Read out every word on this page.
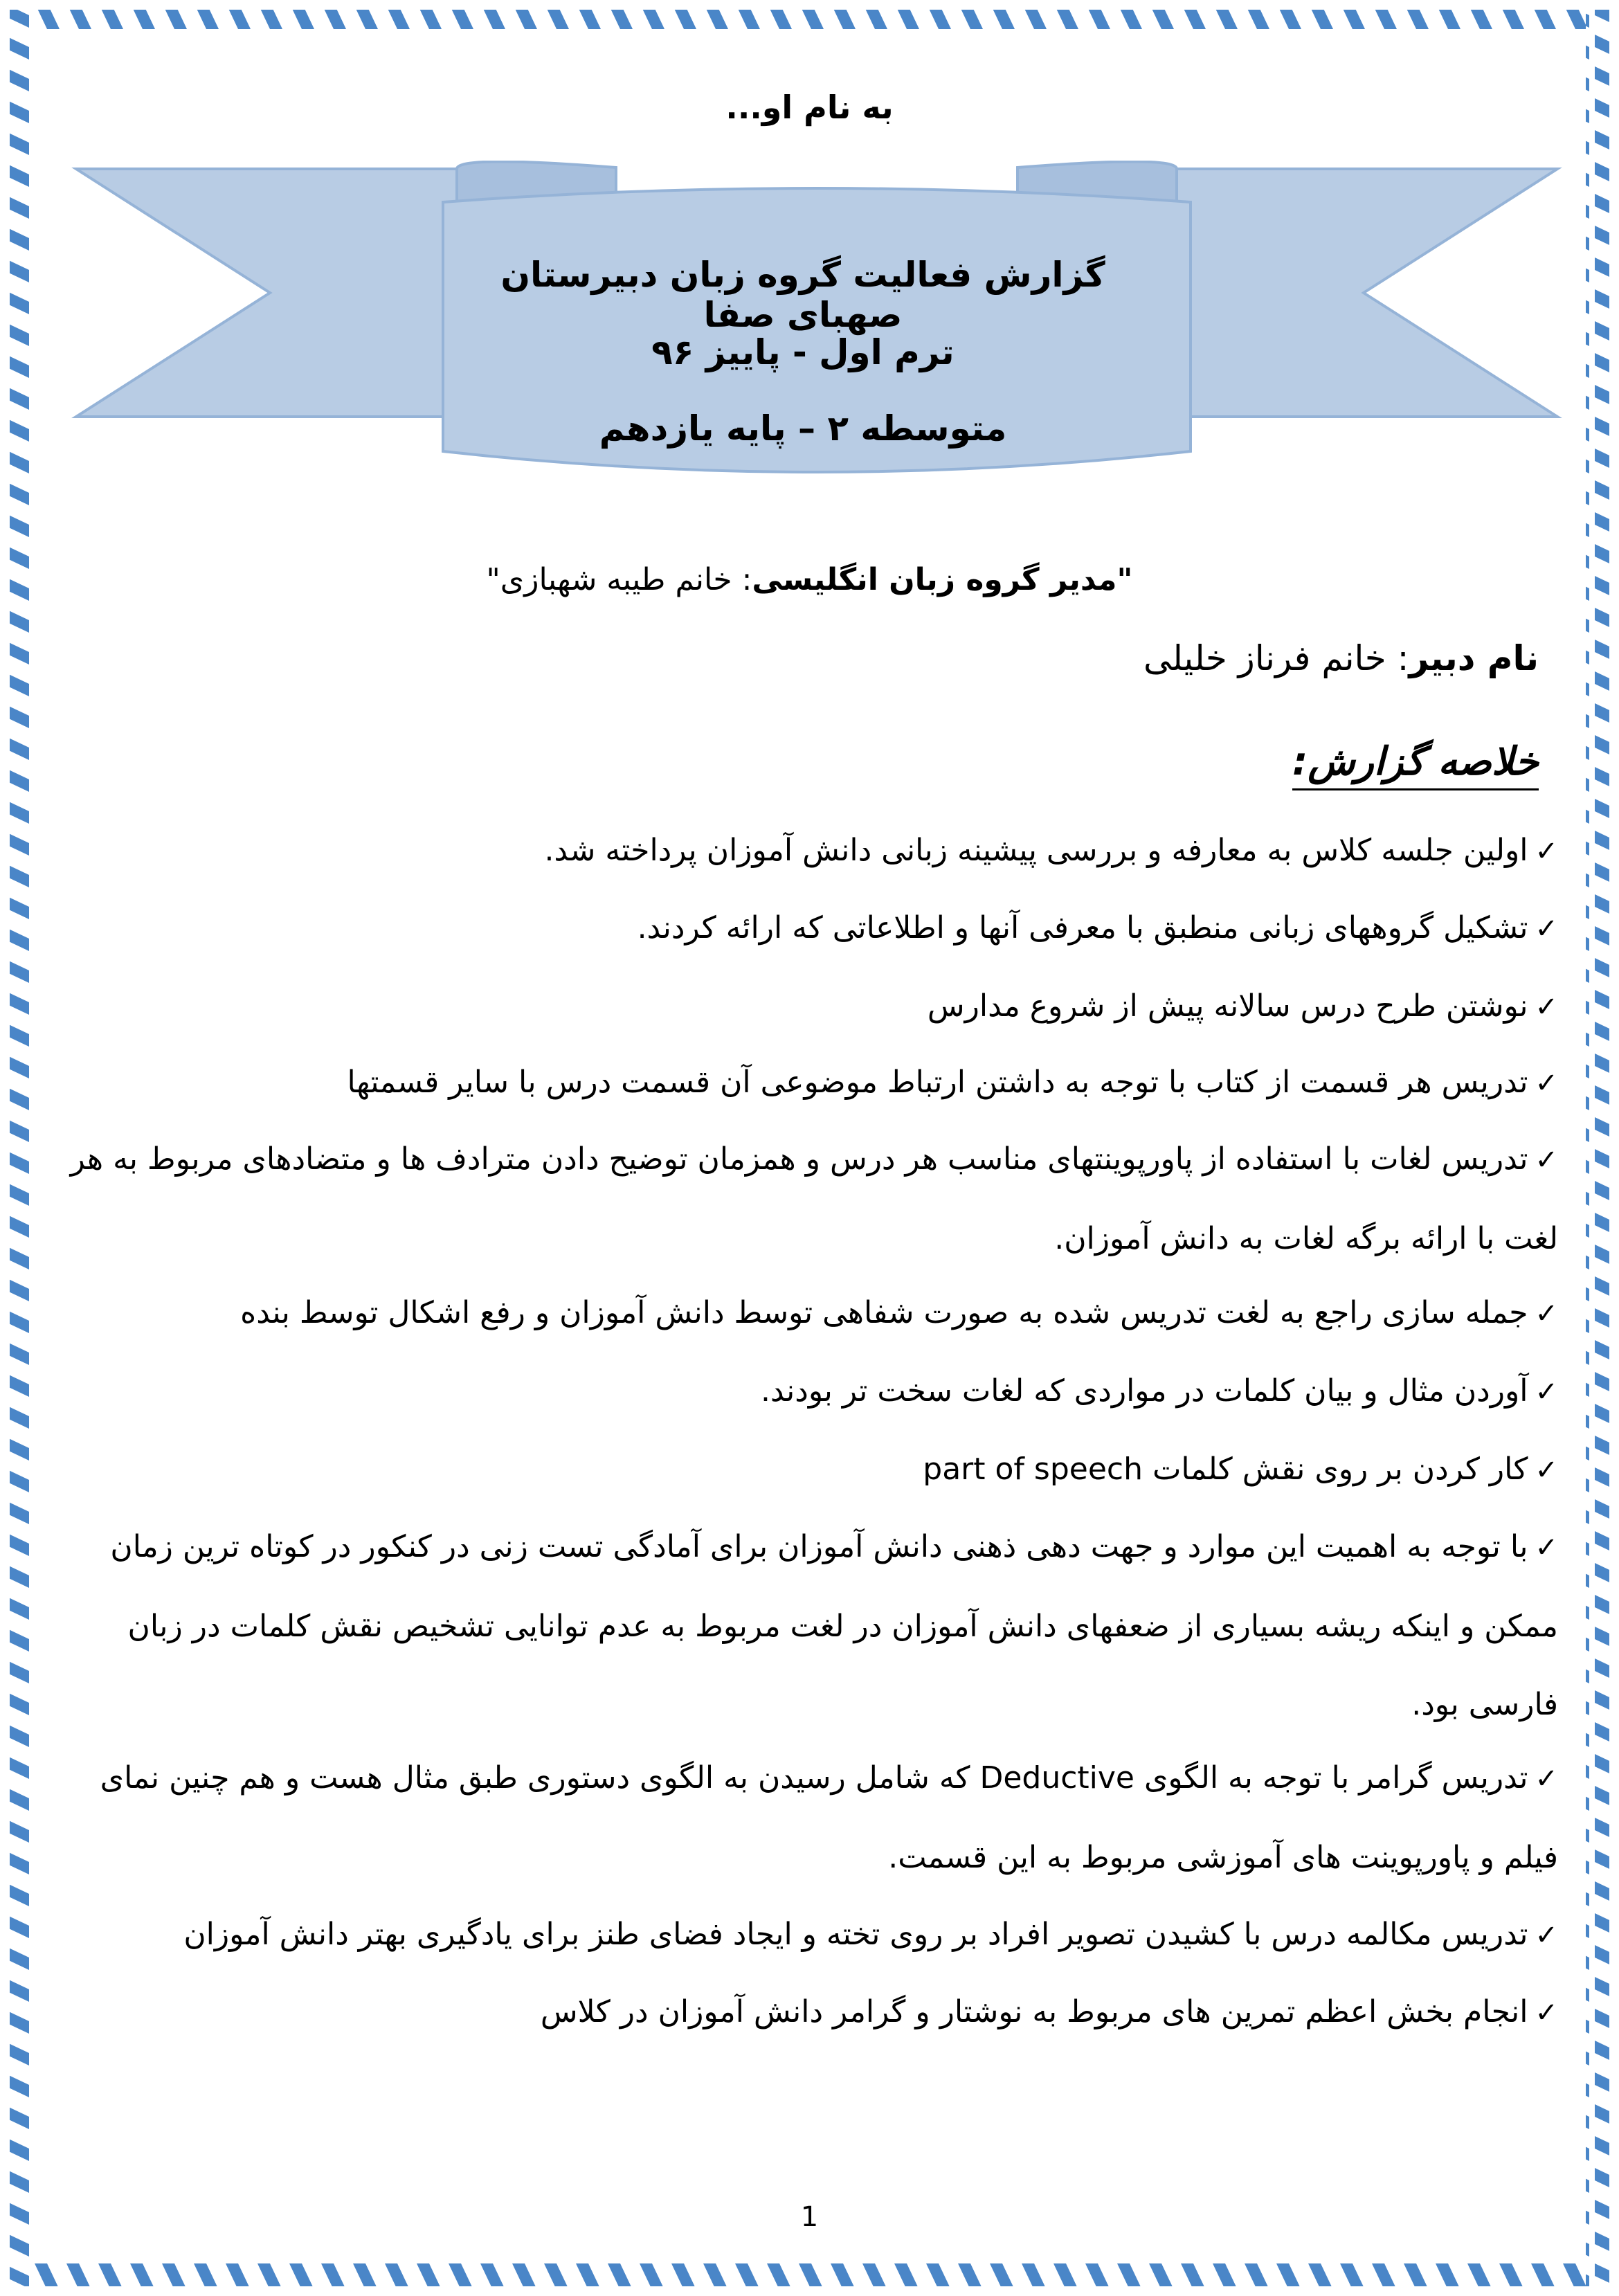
به نام او...
گزارش فعالیت گروه زبان دبیرستان صهبای صفا
ترم اول - پاییز ۹۶
متوسطه ۲ – پایه یازدهم
"مدیر گروه زبان انگلیسی: خانم طیبه شهبازی"
نام دبیر: خانم فرناز خلیلی
خلاصه گزارش:
✓اولین جلسه کلاس به معارفه و بررسی پیشینه زبانی دانش آموزان پرداخته شد.
✓تشکیل گروههای زبانی منطبق با معرفی آنها و اطلاعاتی که ارائه کردند.
✓نوشتن طرح درس سالانه پیش از شروع مدارس
✓تدریس هر قسمت از کتاب با توجه به داشتن ارتباط موضوعی آن قسمت درس با سایر قسمتها
✓تدریس لغات با استفاده از پاورپوینتهای مناسب هر درس و همزمان توضیح دادن مترادف ها و متضادهای مربوط به هر لغت با ارائه برگه لغات به دانش آموزان.
✓جمله سازی راجع به لغت تدریس شده به صورت شفاهی توسط دانش آموزان و رفع اشکال توسط بنده
✓آوردن مثال و بیان کلمات در مواردی که لغات سخت تر بودند.
✓کار کردن بر روی نقش کلمات part of speech
✓با توجه به اهمیت این موارد و جهت دهی ذهنی دانش آموزان برای آمادگی تست زنی در کنکور در کوتاه ترین زمان ممکن و اینکه ریشه بسیاری از ضعفهای دانش آموزان در لغت مربوط به عدم توانایی تشخیص نقش کلمات در زبان فارسی بود.
✓تدریس گرامر با توجه به الگوی Deductive که شامل رسیدن به الگوی دستوری طبق مثال هست و هم چنین نمای فیلم و پاورپوینت های آموزشی مربوط به این قسمت.
✓تدریس مکالمه درس با کشیدن تصویر افراد بر روی تخته و ایجاد فضای طنز برای یادگیری بهتر دانش آموزان
✓انجام بخش اعظم تمرین های مربوط به نوشتار و گرامر دانش آموزان در کلاس
1
